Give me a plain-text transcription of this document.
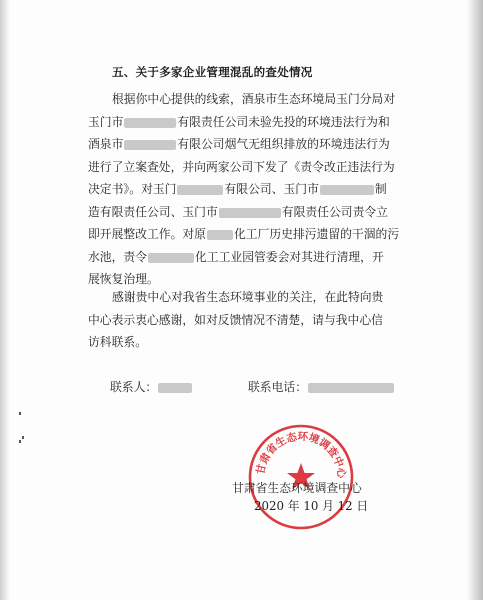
五、关于多家企业管理混乱的查处情况
根据你中心提供的线索，酒泉市生态环境局玉门分局对
玉门市	有限责任公司未验先投的环境违法行为和
酒泉市	有限公司烟气无组织排放的环境违法行为
进行了立案查处，并向两家公司下发了《责令改正违法行为
决定书》。对玉门	有限公司、玉门市	制
造有限责任公司、玉门市	有限责任公司责令立
即开展整改工作。对原 化工厂历史排污遗留的干涸的污
水池，责令	化工工业园管委会对其进行清理，开
展恢复治理。
感谢贵中心对我省生态环境事业的关注，在此特向贵
中心表示衷心感谢，如对反馈情况不清楚，请与我中心信
访科联系。
联系人：	联系电话：
甘肃省生态环境调查中心
甘肃省生态环境调查中心
2020 年 10 月 12 日
